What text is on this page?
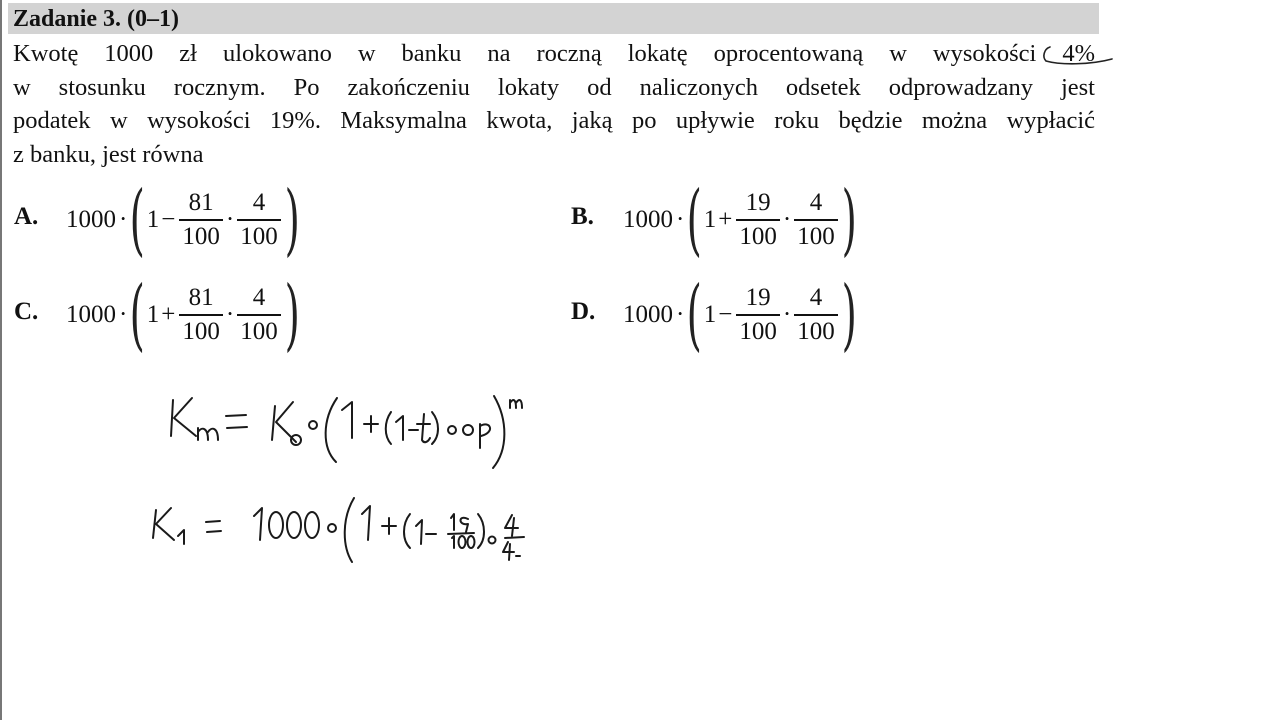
Zadanie 3. (0–1)
Kwotę 1000 zł ulokowano w banku na roczną lokatę oprocentowaną w wysokości 4%
w stosunku rocznym. Po zakończeniu lokaty od naliczonych odsetek odprowadzany jest
podatek w wysokości 19%. Maksymalna kwota, jaką po upływie roku będzie można wypłacić
z banku, jest równa
A. 1000 · ( $1 - \frac{81}{100} \cdot \frac{4}{100}$ )	B. 1000 · ( $1 + \frac{19}{100} \cdot \frac{4}{100}$ )
C. 1000 · ( $1 + \frac{81}{100} \cdot \frac{4}{100}$ )	D. 1000 · ( $1 - \frac{19}{100} \cdot \frac{4}{100}$ )
